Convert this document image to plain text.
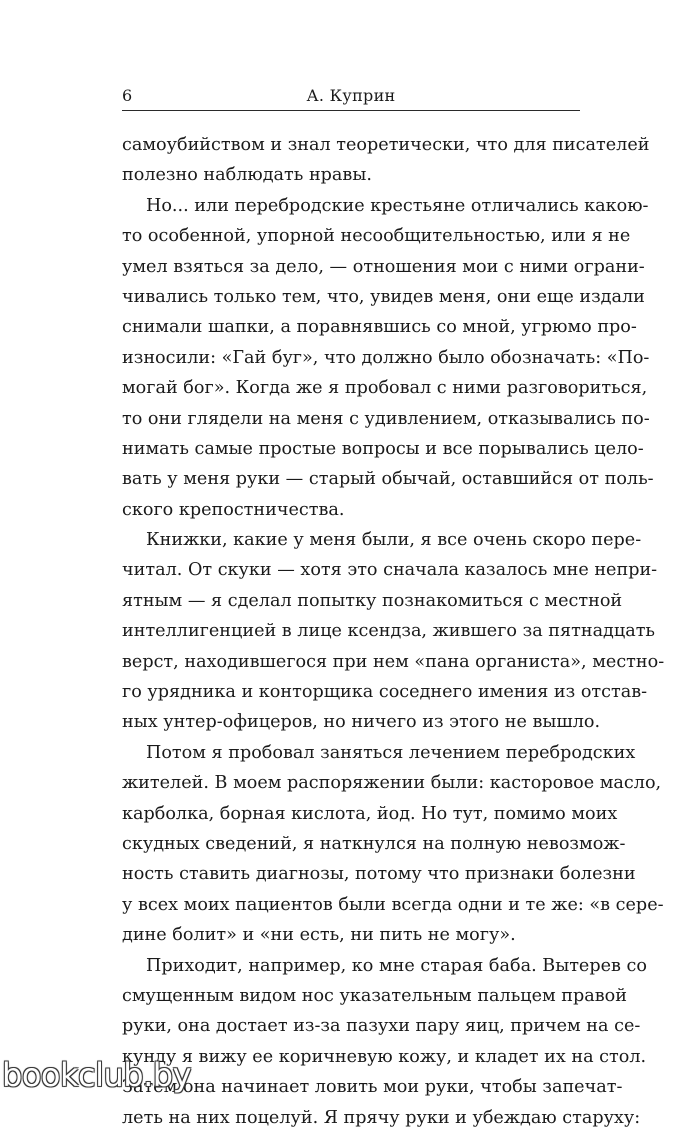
6	А. Куприн
самоубийством и знал теоретически, что для писателей
полезно наблюдать нравы.
Но... или перебродские крестьяне отличались какою-
то особенной, упорной несообщительностью, или я не
умел взяться за дело, — отношения мои с ними ограни-
чивались только тем, что, увидев меня, они еще издали
снимали шапки, а поравнявшись со мной, угрюмо про-
износили: «Гай буг», что должно было обозначать: «По-
могай бог». Когда же я пробовал с ними разговориться,
то они глядели на меня с удивлением, отказывались по-
нимать самые простые вопросы и все порывались цело-
вать у меня руки — старый обычай, оставшийся от поль-
ского крепостничества.
Книжки, какие у меня были, я все очень скоро пере-
читал. От скуки — хотя это сначала казалось мне непри-
ятным — я сделал попытку познакомиться с местной
интеллигенцией в лице ксендза, жившего за пятнадцать
верст, находившегося при нем «пана органиста», местно-
го урядника и конторщика соседнего имения из отстав-
ных унтер-офицеров, но ничего из этого не вышло.
Потом я пробовал заняться лечением перебродских
жителей. В моем распоряжении были: касторовое масло,
карболка, борная кислота, йод. Но тут, помимо моих
скудных сведений, я наткнулся на полную невозмож-
ность ставить диагнозы, потому что признаки болезни
у всех моих пациентов были всегда одни и те же: «в сере-
дине болит» и «ни есть, ни пить не могу».
Приходит, например, ко мне старая баба. Вытерев со
смущенным видом нос указательным пальцем правой
руки, она достает из-за пазухи пару яиц, причем на се-
кунду я вижу ее коричневую кожу, и кладет их на стол.
Затем она начинает ловить мои руки, чтобы запечат-
леть на них поцелуй. Я прячу руки и убеждаю старуху:
bookclub.by
